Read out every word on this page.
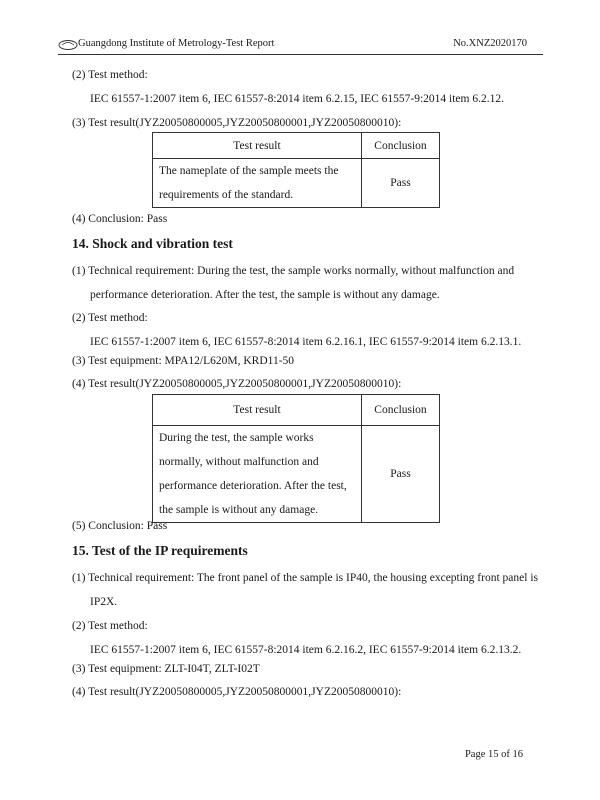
Guangdong Institute of Metrology-Test Report	No.XNZ2020170
(2) Test method:
IEC 61557-1:2007 item 6, IEC 61557-8:2014 item 6.2.15, IEC 61557-9:2014 item 6.2.12.
(3) Test result(JYZ20050800005,JYZ20050800001,JYZ20050800010):
Test result	Conclusion
The nameplate of the sample meets the requirements of the standard.	Pass
(4) Conclusion: Pass
14. Shock and vibration test
(1) Technical requirement: During the test, the sample works normally, without malfunction and
performance deterioration. After the test, the sample is without any damage.
(2) Test method:
IEC 61557-1:2007 item 6, IEC 61557-8:2014 item 6.2.16.1, IEC 61557-9:2014 item 6.2.13.1.
(3) Test equipment: MPA12/L620M, KRD11-50
(4) Test result(JYZ20050800005,JYZ20050800001,JYZ20050800010):
Test result	Conclusion
During the test, the sample works normally, without malfunction and performance deterioration. After the test, the sample is without any damage.	Pass
(5) Conclusion: Pass
15. Test of the IP requirements
(1) Technical requirement: The front panel of the sample is IP40, the housing excepting front panel is
IP2X.
(2) Test method:
IEC 61557-1:2007 item 6, IEC 61557-8:2014 item 6.2.16.2, IEC 61557-9:2014 item 6.2.13.2.
(3) Test equipment: ZLT-I04T, ZLT-I02T
(4) Test result(JYZ20050800005,JYZ20050800001,JYZ20050800010):
Page 15 of 16
